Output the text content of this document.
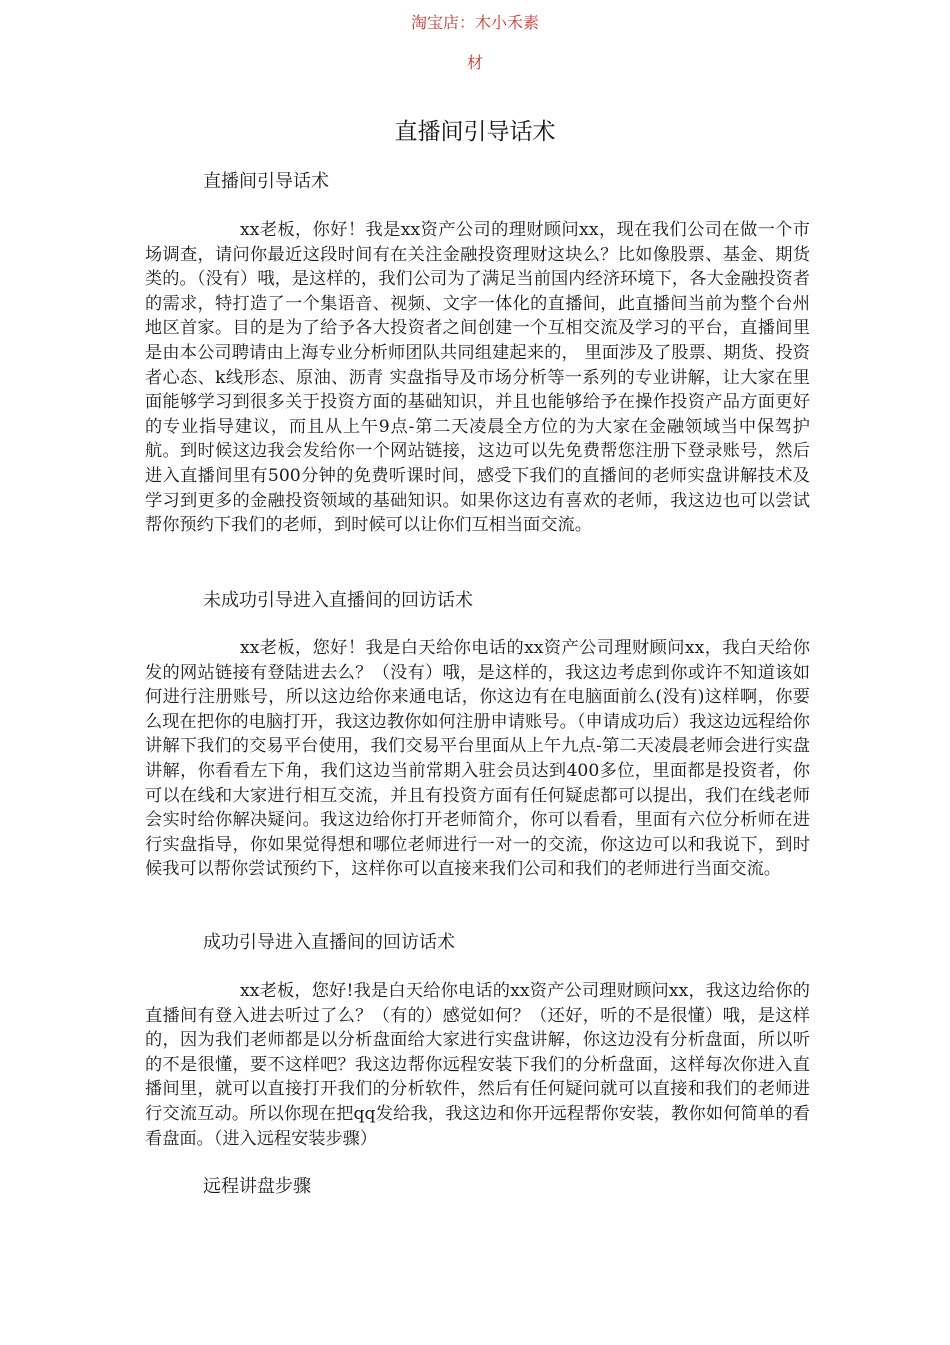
淘宝店：木小禾素
材
直播间引导话术
直播间引导话术

xx老板，你好！我是xx资产公司的理财顾问xx，现在我们公司在做一个市场调查，请问你最近这段时间有在关注金融投资理财这块么？比如像股票、基金、期货类的。（没有）哦，是这样的，我们公司为了满足当前国内经济环境下，各大金融投资者的需求，特打造了一个集语音、视频、文字一体化的直播间，此直播间当前为整个台州地区首家。目的是为了给予各大投资者之间创建一个互相交流及学习的平台，直播间里是由本公司聘请由上海专业分析师团队共同组建起来的， 里面涉及了股票、期货、投资者心态、k线形态、原油、沥青 实盘指导及市场分析等一系列的专业讲解，让大家在里面能够学习到很多关于投资方面的基础知识，并且也能够给予在操作投资产品方面更好的专业指导建议，而且从上午9点-第二天凌晨全方位的为大家在金融领域当中保驾护航。到时候这边我会发给你一个网站链接，这边可以先免费帮您注册下登录账号，然后进入直播间里有500分钟的免费听课时间，感受下我们的直播间的老师实盘讲解技术及学习到更多的金融投资领域的基础知识。如果你这边有喜欢的老师，我这边也可以尝试帮你预约下我们的老师，到时候可以让你们互相当面交流。

未成功引导进入直播间的回访话术

xx老板，您好！我是白天给你电话的xx资产公司理财顾问xx，我白天给你发的网站链接有登陆进去么？（没有）哦，是这样的，我这边考虑到你或许不知道该如何进行注册账号，所以这边给你来通电话，你这边有在电脑面前么(没有)这样啊，你要么现在把你的电脑打开，我这边教你如何注册申请账号。（申请成功后）我这边远程给你讲解下我们的交易平台使用，我们交易平台里面从上午九点-第二天凌晨老师会进行实盘讲解，你看看左下角，我们这边当前常期入驻会员达到400多位，里面都是投资者，你可以在线和大家进行相互交流，并且有投资方面有任何疑虑都可以提出，我们在线老师会实时给你解决疑问。我这边给你打开老师简介，你可以看看，里面有六位分析师在进行实盘指导，你如果觉得想和哪位老师进行一对一的交流，你这边可以和我说下，到时候我可以帮你尝试预约下，这样你可以直接来我们公司和我们的老师进行当面交流。

成功引导进入直播间的回访话术

xx老板，您好!我是白天给你电话的xx资产公司理财顾问xx，我这边给你的直播间有登入进去听过了么？（有的）感觉如何？（还好，听的不是很懂）哦，是这样的，因为我们老师都是以分析盘面给大家进行实盘讲解，你这边没有分析盘面，所以听的不是很懂，要不这样吧？我这边帮你远程安装下我们的分析盘面，这样每次你进入直播间里，就可以直接打开我们的分析软件，然后有任何疑问就可以直接和我们的老师进行交流互动。所以你现在把qq发给我，我这边和你开远程帮你安装，教你如何简单的看看盘面。（进入远程安装步骤）

远程讲盘步骤
